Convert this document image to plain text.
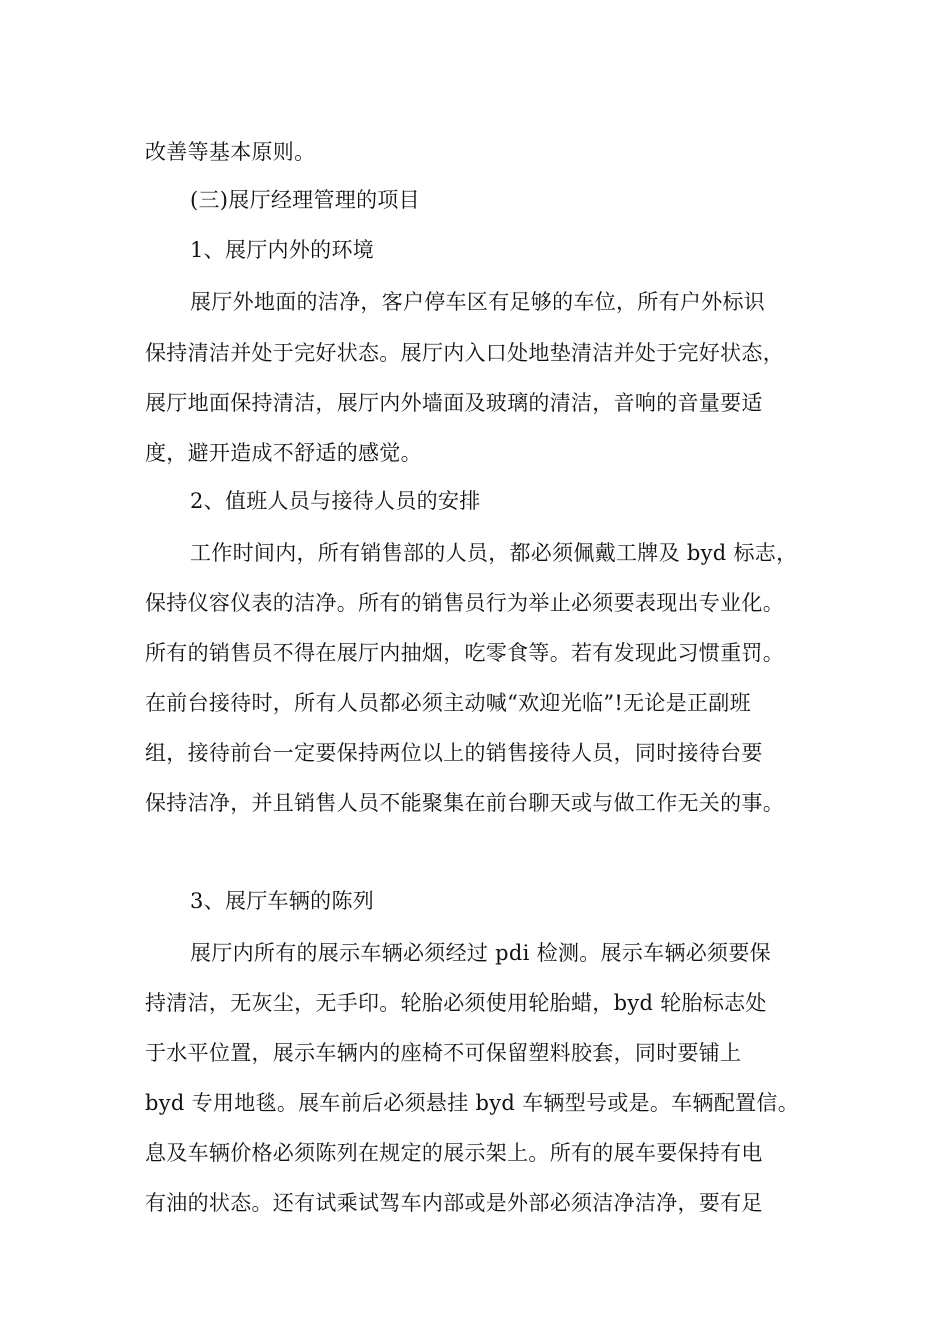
改善等基本原则。
(三)展厅经理管理的项目
1、展厅内外的环境
展厅外地面的洁净，客户停车区有足够的车位，所有户外标识
保持清洁并处于完好状态。展厅内入口处地垫清洁并处于完好状态，
展厅地面保持清洁，展厅内外墙面及玻璃的清洁，音响的音量要适
度，避开造成不舒适的感觉。
2、值班人员与接待人员的安排
工作时间内，所有销售部的人员，都必须佩戴工牌及 byd 标志，
保持仪容仪表的洁净。所有的销售员行为举止必须要表现出专业化。
所有的销售员不得在展厅内抽烟，吃零食等。若有发现此习惯重罚。
在前台接待时，所有人员都必须主动喊“欢迎光临”!无论是正副班
组，接待前台一定要保持两位以上的销售接待人员，同时接待台要
保持洁净，并且销售人员不能聚集在前台聊天或与做工作无关的事。
3、展厅车辆的陈列
展厅内所有的展示车辆必须经过 pdi 检测。展示车辆必须要保
持清洁，无灰尘，无手印。轮胎必须使用轮胎蜡，byd 轮胎标志处
于水平位置，展示车辆内的座椅不可保留塑料胶套，同时要铺上
byd 专用地毯。展车前后必须悬挂 byd 车辆型号或是。车辆配置信。
息及车辆价格必须陈列在规定的展示架上。所有的展车要保持有电
有油的状态。还有试乘试驾车内部或是外部必须洁净洁净，要有足
